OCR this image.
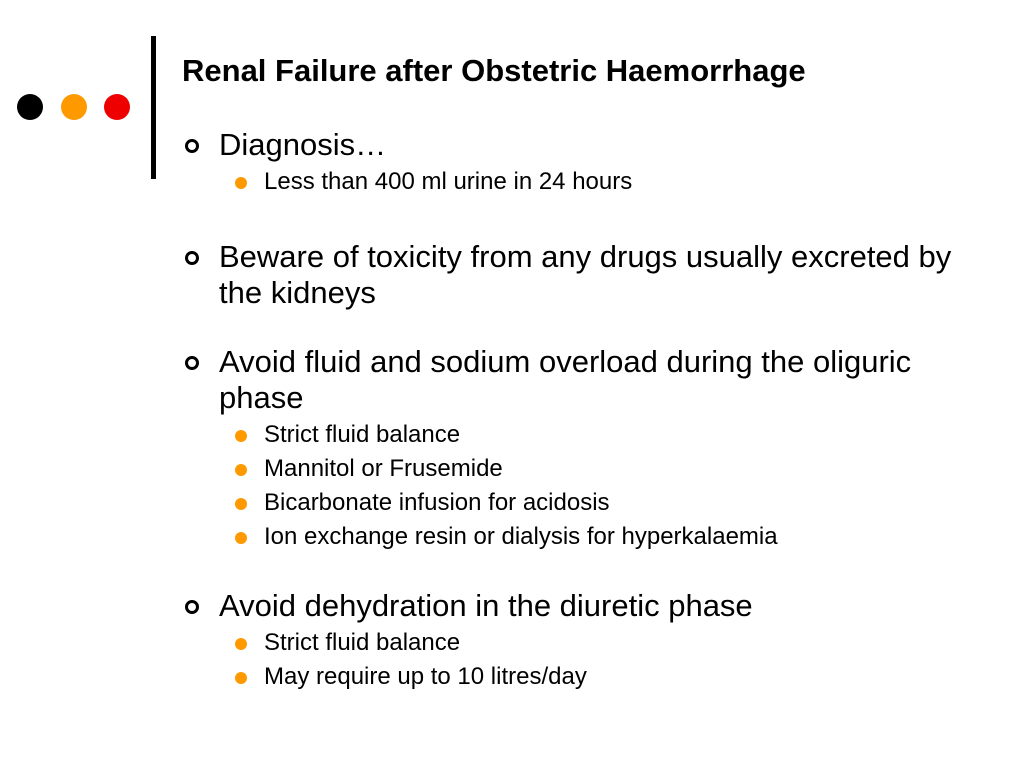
Renal Failure after Obstetric Haemorrhage
Diagnosis…
Less than 400 ml urine in 24 hours
Beware of toxicity from any drugs usually excreted by the kidneys
Avoid fluid and sodium overload during the oliguric phase
Strict fluid balance
Mannitol or Frusemide
Bicarbonate infusion for acidosis
Ion exchange resin or dialysis for hyperkalaemia
Avoid dehydration in the diuretic phase
Strict fluid balance
May require up to 10 litres/day
